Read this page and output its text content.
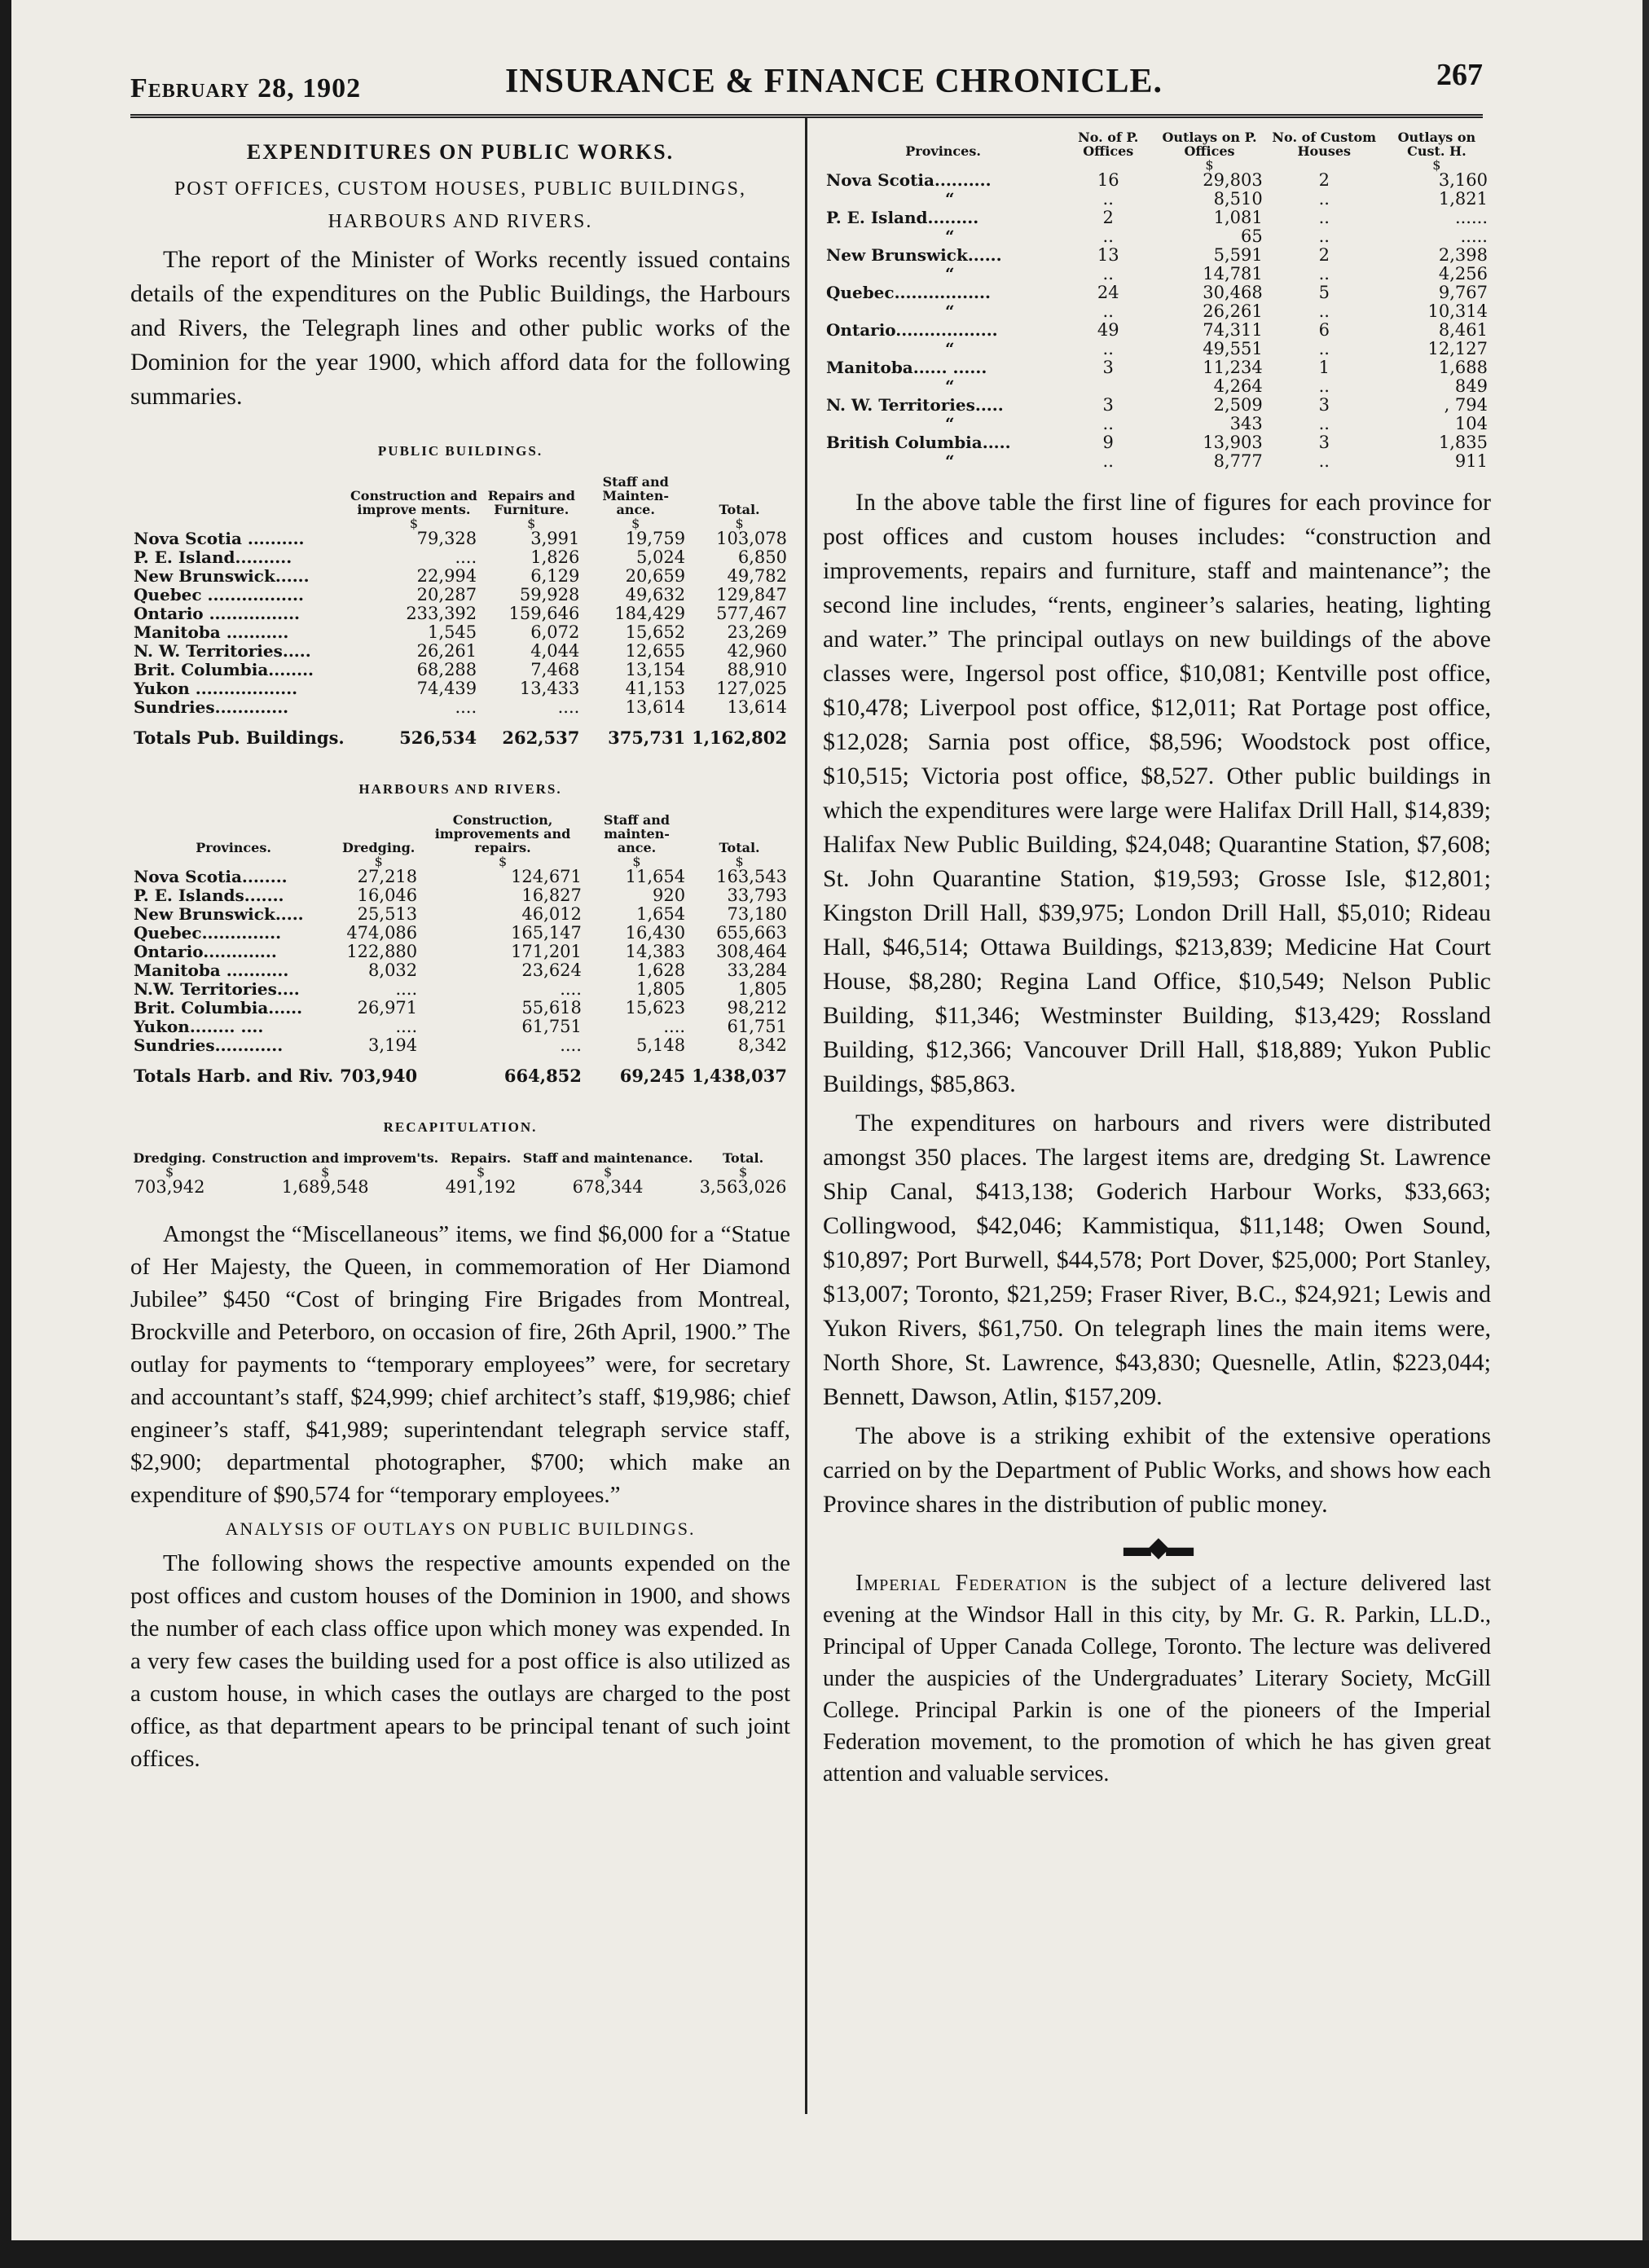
February 28, 1902	INSURANCE & FINANCE CHRONICLE.	267
EXPENDITURES ON PUBLIC WORKS.
POST OFFICES, CUSTOM HOUSES, PUBLIC BUILDINGS, HARBOURS AND RIVERS.

The report of the Minister of Works recently issued contains details of the expenditures on the Public Buildings, the Harbours and Rivers, the Telegraph lines and other public works of the Dominion for the year 1900, which afford data for the following summaries.

PUBLIC BUILDINGS.
	Construction and improve ments.	Repairs and Furniture.	Staff and Mainten- ance.	Total.
	$	$	$	$
Nova Scotia ..........	79,328	3,991	19,759	103,078
P. E. Island..........	....	1,826	5,024	6,850
New Brunswick......	22,994	6,129	20,659	49,782
Quebec .................	20,287	59,928	49,632	129,847
Ontario ................	233,392	159,646	184,429	577,467
Manitoba ...........	1,545	6,072	15,652	23,269
N. W. Territories.....	26,261	4,044	12,655	42,960
Brit. Columbia........	68,288	7,468	13,154	88,910
Yukon ..................	74,439	13,433	41,153	127,025
Sundries.............	....	....	13,614	13,614
Totals Pub. Buildings.	526,534	262,537	375,731	1,162,802
HARBOURS AND RIVERS.
Provinces.	Dredging.	Construction, improvements and repairs.	Staff and mainten- ance.	Total.
	$	$	$	$
Nova Scotia........	27,218	124,671	11,654	163,543
P. E. Islands.......	16,046	16,827	920	33,793
New Brunswick.....	25,513	46,012	1,654	73,180
Quebec..............	474,086	165,147	16,430	655,663
Ontario.............	122,880	171,201	14,383	308,464
Manitoba ...........	8,032	23,624	1,628	33,284
N.W. Territories....	....	....	1,805	1,805
Brit. Columbia......	26,971	55,618	15,623	98,212
Yukon........ ....	....	61,751	....	61,751
Sundries............	3,194	....	5,148	8,342
Totals Harb. and Riv.	703,940	664,852	69,245	1,438,037
RECAPITULATION.
Dredging.	Construction and improvem'ts.	Repairs.	Staff and maintenance.	Total.
$	$	$	$	$
703,942	1,689,548	491,192	678,344	3,563,026

Amongst the “Miscellaneous” items, we find $6,000 for a “Statue of Her Majesty, the Queen, in commemoration of Her Diamond Jubilee” $450 “Cost of bringing Fire Brigades from Montreal, Brockville and Peterboro, on occasion of fire, 26th April, 1900.” The outlay for payments to “temporary employees” were, for secretary and accountant’s staff, $24,999; chief architect’s staff, $19,986; chief engineer’s staff, $41,989; superintendant telegraph service staff, $2,900; departmental photographer, $700; which make an expenditure of $90,574 for “temporary employees.”

ANALYSIS OF OUTLAYS ON PUBLIC BUILDINGS.

The following shows the respective amounts expended on the post offices and custom houses of the Dominion in 1900, and shows the number of each class office upon which money was expended. In a very few cases the building used for a post office is also utilized as a custom house, in which cases the outlays are charged to the post office, as that department apears to be principal tenant of such joint offices.

Provinces.	No. of P. Offices	Outlays on P. Offices	No. of Custom Houses	Outlays on Cust. H.
		$		$
Nova Scotia..........	16	29,803	2	3,160
“	..	8,510	..	1,821
P. E. Island.........	2	1,081	..	......
“	..	65	..	.....
New Brunswick......	13	5,591	2	2,398
“	..	14,781	..	4,256
Quebec.................	24	30,468	5	9,767
“	..	26,261	..	10,314
Ontario..................	49	74,311	6	8,461
“	..	49,551	..	12,127
Manitoba...... ......	3	11,234	1	1,688
“		4,264	..	849
N. W. Territories.....	3	2,509	3	, 794
“	..	343	..	104
British Columbia.....	9	13,903	3	1,835
“	..	8,777	..	911

In the above table the first line of figures for each province for post offices and custom houses includes: “construction and improvements, repairs and furniture, staff and maintenance”; the second line includes, “rents, engineer’s salaries, heating, lighting and water.” The principal outlays on new buildings of the above classes were, Ingersol post office, $10,081; Kentville post office, $10,478; Liverpool post office, $12,011; Rat Portage post office, $12,028; Sarnia post office, $8,596; Woodstock post office, $10,515; Victoria post office, $8,527. Other public buildings in which the expenditures were large were Halifax Drill Hall, $14,839; Halifax New Public Building, $24,048; Quarantine Station, $7,608; St. John Quarantine Station, $19,593; Grosse Isle, $12,801; Kingston Drill Hall, $39,975; London Drill Hall, $5,010; Rideau Hall, $46,514; Ottawa Buildings, $213,839; Medicine Hat Court House, $8,280; Regina Land Office, $10,549; Nelson Public Building, $11,346; Westminster Building, $13,429; Rossland Building, $12,366; Vancouver Drill Hall, $18,889; Yukon Public Buildings, $85,863.

The expenditures on harbours and rivers were distributed amongst 350 places. The largest items are, dredging St. Lawrence Ship Canal, $413,138; Goderich Harbour Works, $33,663; Collingwood, $42,046; Kammistiqua, $11,148; Owen Sound, $10,897; Port Burwell, $44,578; Port Dover, $25,000; Port Stanley, $13,007; Toronto, $21,259; Fraser River, B.C., $24,921; Lewis and Yukon Rivers, $61,750. On telegraph lines the main items were, North Shore, St. Lawrence, $43,830; Quesnelle, Atlin, $223,044; Bennett, Dawson, Atlin, $157,209.

The above is a striking exhibit of the extensive operations carried on by the Department of Public Works, and shows how each Province shares in the distribution of public money.

▬◆▬

Imperial Federation is the subject of a lecture delivered last evening at the Windsor Hall in this city, by Mr. G. R. Parkin, LL.D., Principal of Upper Canada College, Toronto. The lecture was delivered under the auspicies of the Undergraduates’ Literary Society, McGill College. Principal Parkin is one of the pioneers of the Imperial Federation movement, to the promotion of which he has given great attention and valuable services.
